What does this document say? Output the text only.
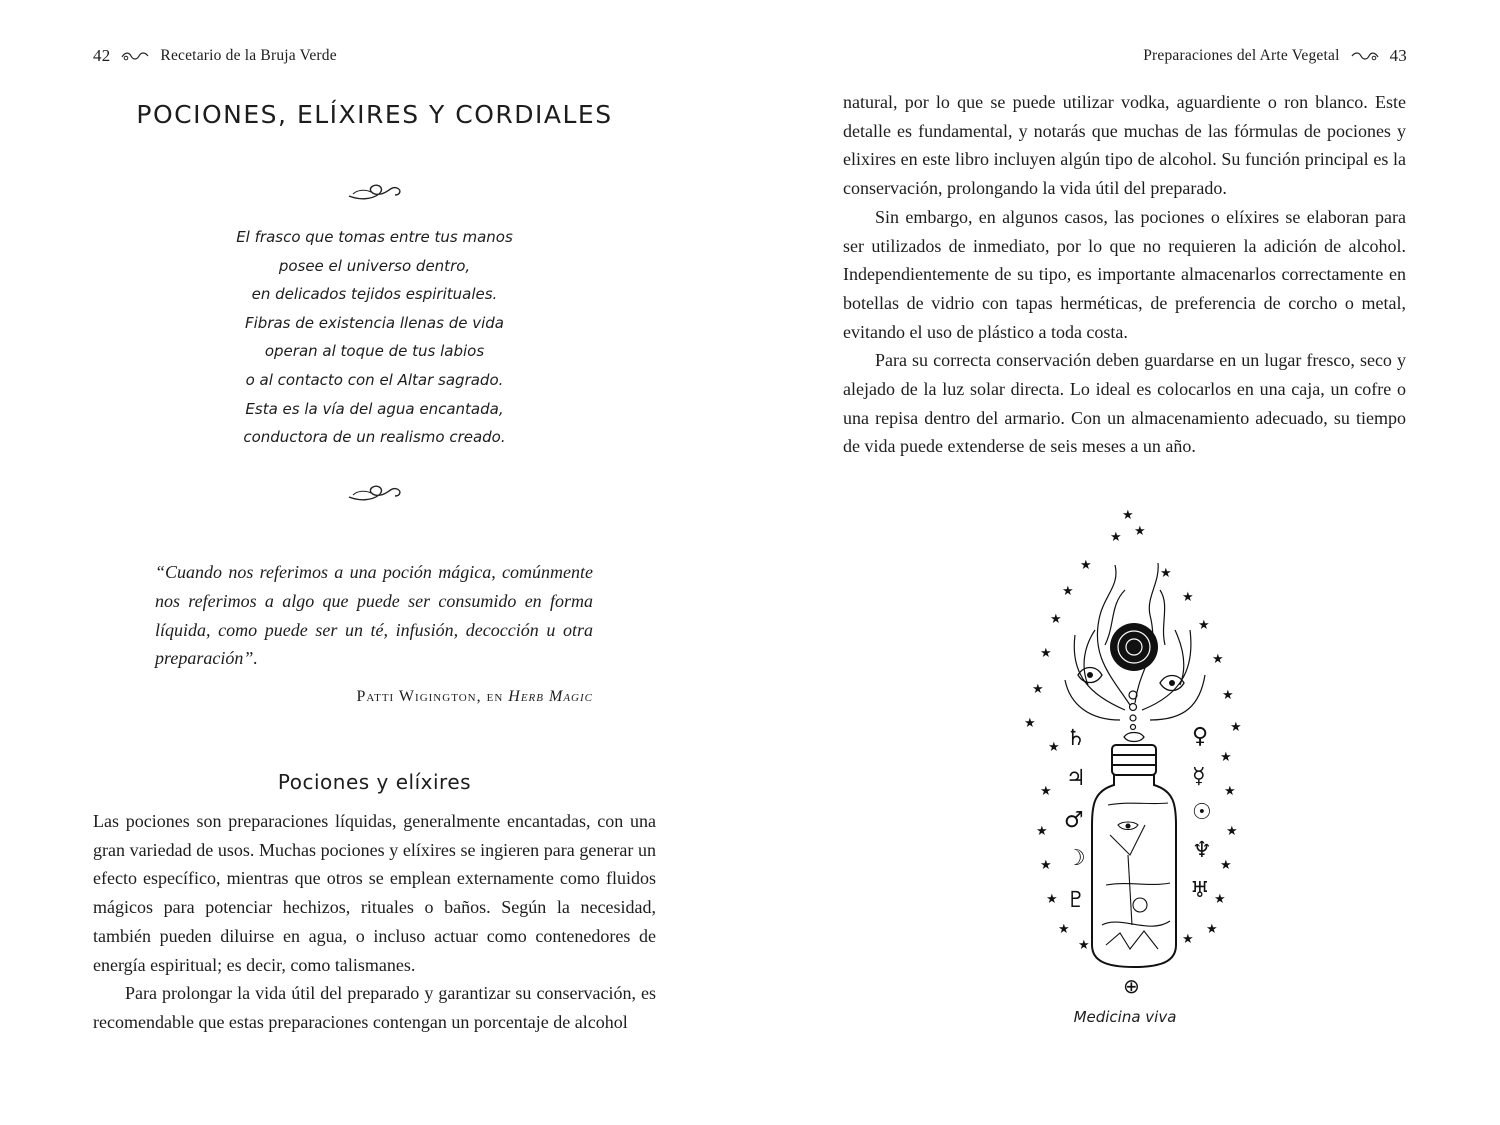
42	Recetario de la Bruja Verde
POCIONES, ELÍXIRES Y CORDIALES
El frasco que tomas entre tus manos
posee el universo dentro,
en delicados tejidos espirituales.
Fibras de existencia llenas de vida
operan al toque de tus labios
o al contacto con el Altar sagrado.
Esta es la vía del agua encantada,
conductora de un realismo creado.
“Cuando nos referimos a una poción mágica, comúnmente nos referimos a algo que puede ser consumido en forma líquida, como puede ser un té, infusión, decocción u otra preparación”.
Patti Wigington, en Herb Magic
Pociones y elíxires

Las pociones son preparaciones líquidas, generalmente encantadas, con una gran variedad de usos. Muchas pociones y elíxires se ingieren para generar un efecto específico, mientras que otros se emplean externamente como fluidos mágicos para potenciar hechizos, rituales o baños. Según la necesidad, también pueden diluirse en agua, o incluso actuar como contenedores de energía espiritual; es decir, como talismanes.

Para prolongar la vida útil del preparado y garantizar su conservación, es recomendable que estas preparaciones contengan un porcentaje de alcohol

Preparaciones del Arte Vegetal	43

natural, por lo que se puede utilizar vodka, aguardiente o ron blanco. Este detalle es fundamental, y notarás que muchas de las fórmulas de pociones y elixires en este libro incluyen algún tipo de alcohol. Su función principal es la conservación, prolongando la vida útil del preparado.

Sin embargo, en algunos casos, las pociones o elíxires se elaboran para ser utilizados de inmediato, por lo que no requieren la adición de alcohol. Independientemente de su tipo, es importante almacenarlos correctamente en botellas de vidrio con tapas herméticas, de preferencia de corcho o metal, evitando el uso de plástico a toda costa.

Para su correcta conservación deben guardarse en un lugar fresco, seco y alejado de la luz solar directa. Lo ideal es colocarlos en una caja, un cofre o una repisa dentro del armario. Con un almacenamiento adecuado, su tiempo de vida puede extenderse de seis meses a un año.

★
★
★
★
★
★	★
★	★
★	★
★	★
★	★
★
★
★	★
★	★
★	★
★	★
★	★
★	★
♄
♃
♂
☽
♇
♀
☿
☉
♆
♅
⊕
Medicina viva
